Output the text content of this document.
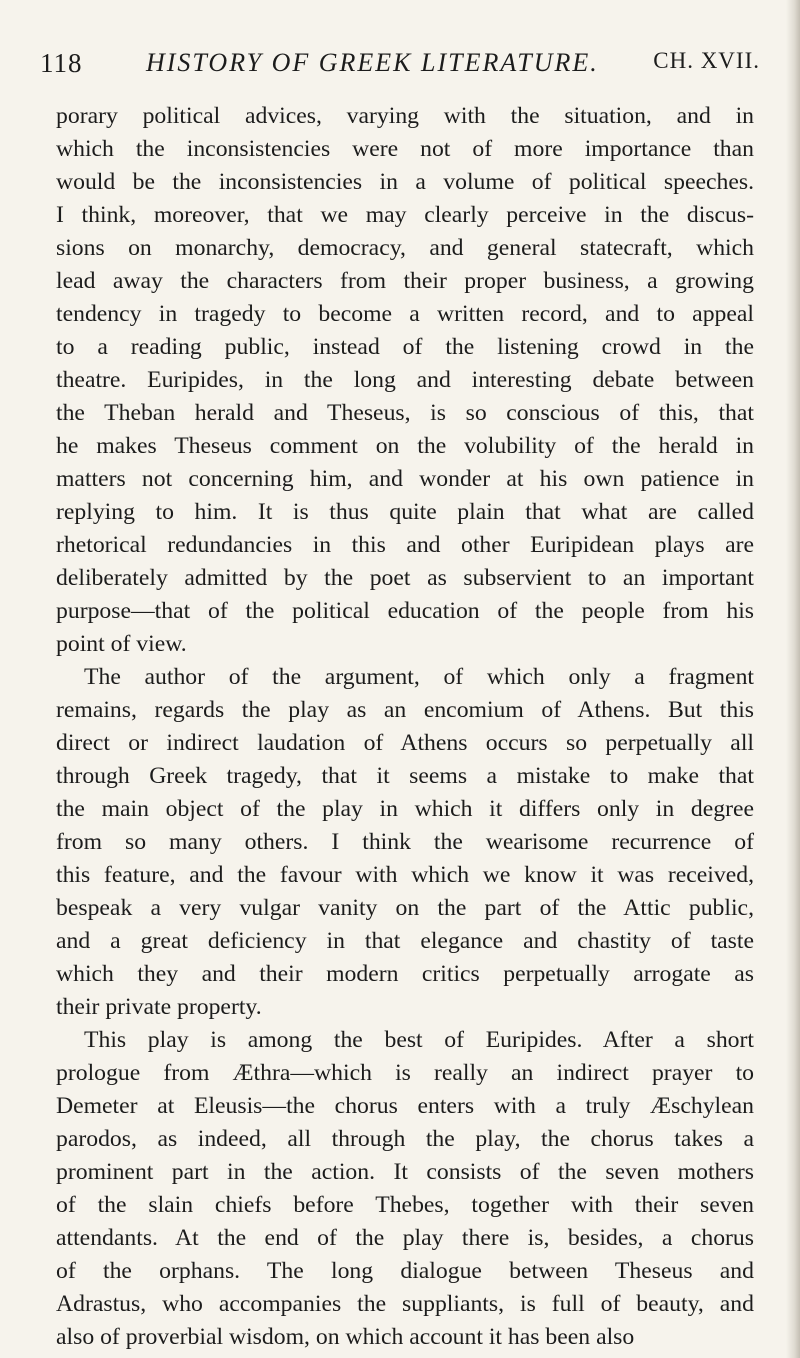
118 HISTORY OF GREEK LITERATURE. CH. XVII.
porary political advices, varying with the situation, and in
which the inconsistencies were not of more importance than
would be the inconsistencies in a volume of political speeches.
I think, moreover, that we may clearly perceive in the discus-
sions on monarchy, democracy, and general statecraft, which
lead away the characters from their proper business, a growing
tendency in tragedy to become a written record, and to appeal
to a reading public, instead of the listening crowd in the
theatre. Euripides, in the long and interesting debate between
the Theban herald and Theseus, is so conscious of this, that
he makes Theseus comment on the volubility of the herald in
matters not concerning him, and wonder at his own patience in
replying to him. It is thus quite plain that what are called
rhetorical redundancies in this and other Euripidean plays are
deliberately admitted by the poet as subservient to an important
purpose—that of the political education of the people from his
point of view.
The author of the argument, of which only a fragment
remains, regards the play as an encomium of Athens. But this
direct or indirect laudation of Athens occurs so perpetually all
through Greek tragedy, that it seems a mistake to make that
the main object of the play in which it differs only in degree
from so many others. I think the wearisome recurrence of
this feature, and the favour with which we know it was received,
bespeak a very vulgar vanity on the part of the Attic public,
and a great deficiency in that elegance and chastity of taste
which they and their modern critics perpetually arrogate as
their private property.
This play is among the best of Euripides. After a short
prologue from Æthra—which is really an indirect prayer to
Demeter at Eleusis—the chorus enters with a truly Æschylean
parodos, as indeed, all through the play, the chorus takes a
prominent part in the action. It consists of the seven mothers
of the slain chiefs before Thebes, together with their seven
attendants. At the end of the play there is, besides, a chorus
of the orphans. The long dialogue between Theseus and
Adrastus, who accompanies the suppliants, is full of beauty, and
also of proverbial wisdom, on which account it has been also
